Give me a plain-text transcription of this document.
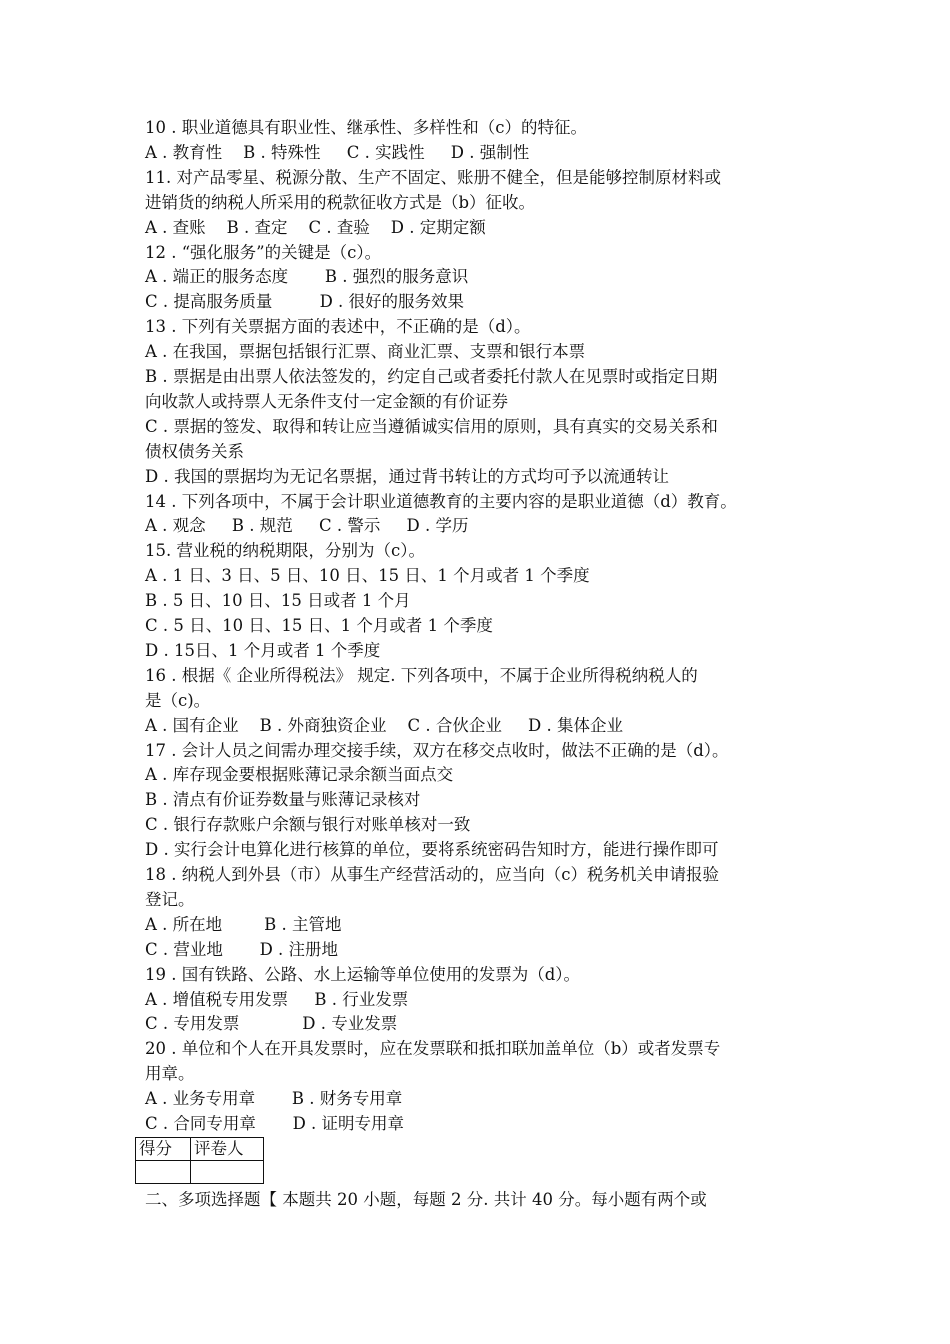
10 . 职业道德具有职业性、继承性、多样性和（c）的特征。
A . 教育性    B . 特殊性     C . 实践性     D . 强制性
11. 对产品零星、税源分散、生产不固定、账册不健全，但是能够控制原材料或
进销货的纳税人所采用的税款征收方式是（b）征收。
A . 查账    B . 查定    C . 查验    D . 定期定额
12 . “强化服务”的关键是（c）。
A . 端正的服务态度       B . 强烈的服务意识
C . 提高服务质量         D . 很好的服务效果
13 . 下列有关票据方面的表述中，不正确的是（d）。
A . 在我国，票据包括银行汇票、商业汇票、支票和银行本票
B . 票据是由出票人依法签发的，约定自己或者委托付款人在见票时或指定日期
向收款人或持票人无条件支付一定金额的有价证券
C . 票据的签发、取得和转让应当遵循诚实信用的原则，具有真实的交易关系和
债权债务关系
D . 我国的票据均为无记名票据，通过背书转让的方式均可予以流通转让
14 . 下列各项中，不属于会计职业道德教育的主要内容的是职业道德（d）教育。
A . 观念     B . 规范     C . 警示     D . 学历
15. 营业税的纳税期限，分别为（c）。
A . 1 日、3 日、5 日、10 日、15 日、1 个月或者 1 个季度
B . 5 日、10 日、15 日或者 1 个月
C . 5 日、10 日、15 日、1 个月或者 1 个季度
D . 15日、1 个月或者 1 个季度
16 . 根据《 企业所得税法》 规定. 下列各项中，不属于企业所得税纳税人的
是（c)。
A . 国有企业    B . 外商独资企业    C . 合伙企业     D . 集体企业
17 . 会计人员之间需办理交接手续，双方在移交点收时，做法不正确的是（d）。
A . 库存现金要根据账薄记录余额当面点交
B . 清点有价证券数量与账薄记录核对
C . 银行存款账户余额与银行对账单核对一致
D . 实行会计电算化进行核算的单位，要将系统密码告知时方，能进行操作即可
18 . 纳税人到外县（市）从事生产经营活动的，应当向（c）税务机关申请报验
登记。
A . 所在地        B . 主管地
C . 营业地       D . 注册地
19 . 国有铁路、公路、水上运输等单位使用的发票为（d）。
A . 增值税专用发票     B . 行业发票
C . 专用发票            D . 专业发票
20 . 单位和个人在开具发票时，应在发票联和抵扣联加盖单位（b）或者发票专
用章。
A . 业务专用章       B . 财务专用章
C . 合同专用章       D . 证明专用章
得分	评卷人

二、多项选择题【 本题共 20 小题，每题 2 分. 共计 40 分。每小题有两个或
